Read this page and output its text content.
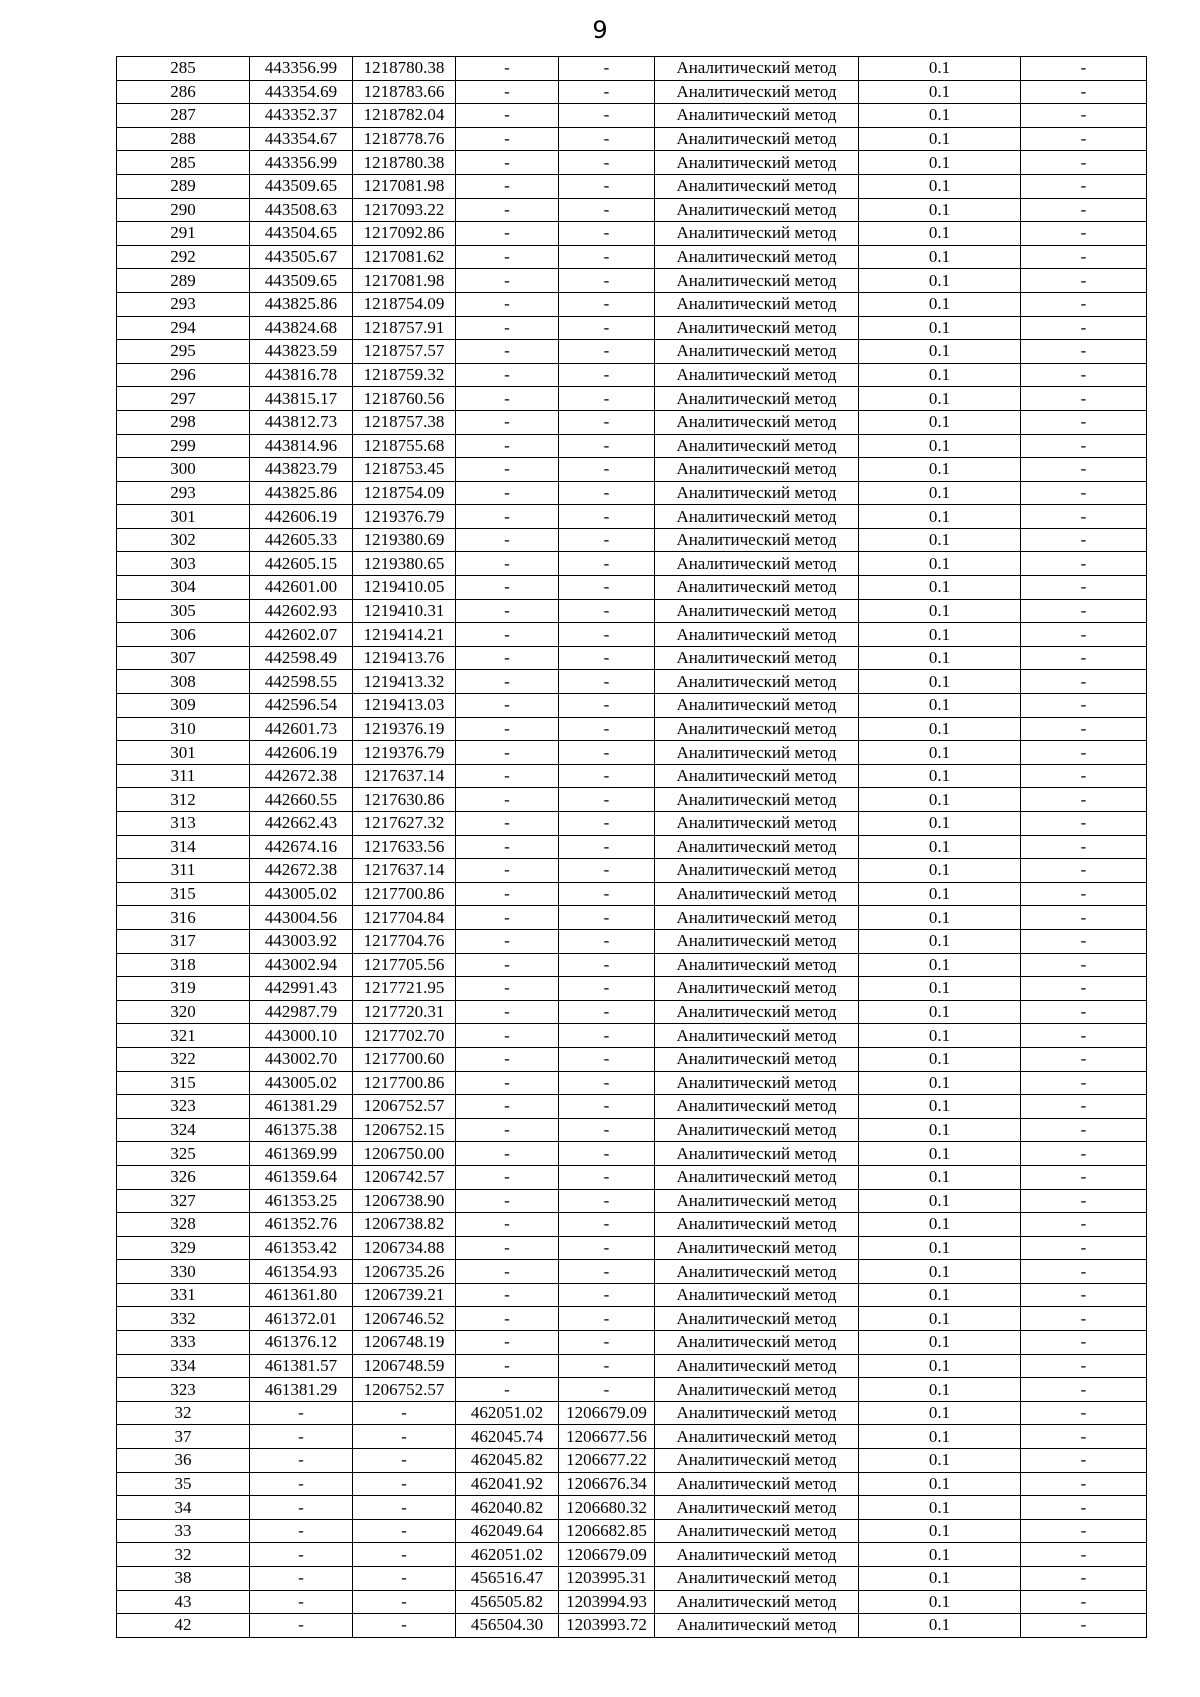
9
285	443356.99	1218780.38	-	-	Аналитический метод	0.1	-
286	443354.69	1218783.66	-	-	Аналитический метод	0.1	-
287	443352.37	1218782.04	-	-	Аналитический метод	0.1	-
288	443354.67	1218778.76	-	-	Аналитический метод	0.1	-
285	443356.99	1218780.38	-	-	Аналитический метод	0.1	-
289	443509.65	1217081.98	-	-	Аналитический метод	0.1	-
290	443508.63	1217093.22	-	-	Аналитический метод	0.1	-
291	443504.65	1217092.86	-	-	Аналитический метод	0.1	-
292	443505.67	1217081.62	-	-	Аналитический метод	0.1	-
289	443509.65	1217081.98	-	-	Аналитический метод	0.1	-
293	443825.86	1218754.09	-	-	Аналитический метод	0.1	-
294	443824.68	1218757.91	-	-	Аналитический метод	0.1	-
295	443823.59	1218757.57	-	-	Аналитический метод	0.1	-
296	443816.78	1218759.32	-	-	Аналитический метод	0.1	-
297	443815.17	1218760.56	-	-	Аналитический метод	0.1	-
298	443812.73	1218757.38	-	-	Аналитический метод	0.1	-
299	443814.96	1218755.68	-	-	Аналитический метод	0.1	-
300	443823.79	1218753.45	-	-	Аналитический метод	0.1	-
293	443825.86	1218754.09	-	-	Аналитический метод	0.1	-
301	442606.19	1219376.79	-	-	Аналитический метод	0.1	-
302	442605.33	1219380.69	-	-	Аналитический метод	0.1	-
303	442605.15	1219380.65	-	-	Аналитический метод	0.1	-
304	442601.00	1219410.05	-	-	Аналитический метод	0.1	-
305	442602.93	1219410.31	-	-	Аналитический метод	0.1	-
306	442602.07	1219414.21	-	-	Аналитический метод	0.1	-
307	442598.49	1219413.76	-	-	Аналитический метод	0.1	-
308	442598.55	1219413.32	-	-	Аналитический метод	0.1	-
309	442596.54	1219413.03	-	-	Аналитический метод	0.1	-
310	442601.73	1219376.19	-	-	Аналитический метод	0.1	-
301	442606.19	1219376.79	-	-	Аналитический метод	0.1	-
311	442672.38	1217637.14	-	-	Аналитический метод	0.1	-
312	442660.55	1217630.86	-	-	Аналитический метод	0.1	-
313	442662.43	1217627.32	-	-	Аналитический метод	0.1	-
314	442674.16	1217633.56	-	-	Аналитический метод	0.1	-
311	442672.38	1217637.14	-	-	Аналитический метод	0.1	-
315	443005.02	1217700.86	-	-	Аналитический метод	0.1	-
316	443004.56	1217704.84	-	-	Аналитический метод	0.1	-
317	443003.92	1217704.76	-	-	Аналитический метод	0.1	-
318	443002.94	1217705.56	-	-	Аналитический метод	0.1	-
319	442991.43	1217721.95	-	-	Аналитический метод	0.1	-
320	442987.79	1217720.31	-	-	Аналитический метод	0.1	-
321	443000.10	1217702.70	-	-	Аналитический метод	0.1	-
322	443002.70	1217700.60	-	-	Аналитический метод	0.1	-
315	443005.02	1217700.86	-	-	Аналитический метод	0.1	-
323	461381.29	1206752.57	-	-	Аналитический метод	0.1	-
324	461375.38	1206752.15	-	-	Аналитический метод	0.1	-
325	461369.99	1206750.00	-	-	Аналитический метод	0.1	-
326	461359.64	1206742.57	-	-	Аналитический метод	0.1	-
327	461353.25	1206738.90	-	-	Аналитический метод	0.1	-
328	461352.76	1206738.82	-	-	Аналитический метод	0.1	-
329	461353.42	1206734.88	-	-	Аналитический метод	0.1	-
330	461354.93	1206735.26	-	-	Аналитический метод	0.1	-
331	461361.80	1206739.21	-	-	Аналитический метод	0.1	-
332	461372.01	1206746.52	-	-	Аналитический метод	0.1	-
333	461376.12	1206748.19	-	-	Аналитический метод	0.1	-
334	461381.57	1206748.59	-	-	Аналитический метод	0.1	-
323	461381.29	1206752.57	-	-	Аналитический метод	0.1	-
32	-	-	462051.02	1206679.09	Аналитический метод	0.1	-
37	-	-	462045.74	1206677.56	Аналитический метод	0.1	-
36	-	-	462045.82	1206677.22	Аналитический метод	0.1	-
35	-	-	462041.92	1206676.34	Аналитический метод	0.1	-
34	-	-	462040.82	1206680.32	Аналитический метод	0.1	-
33	-	-	462049.64	1206682.85	Аналитический метод	0.1	-
32	-	-	462051.02	1206679.09	Аналитический метод	0.1	-
38	-	-	456516.47	1203995.31	Аналитический метод	0.1	-
43	-	-	456505.82	1203994.93	Аналитический метод	0.1	-
42	-	-	456504.30	1203993.72	Аналитический метод	0.1	-
